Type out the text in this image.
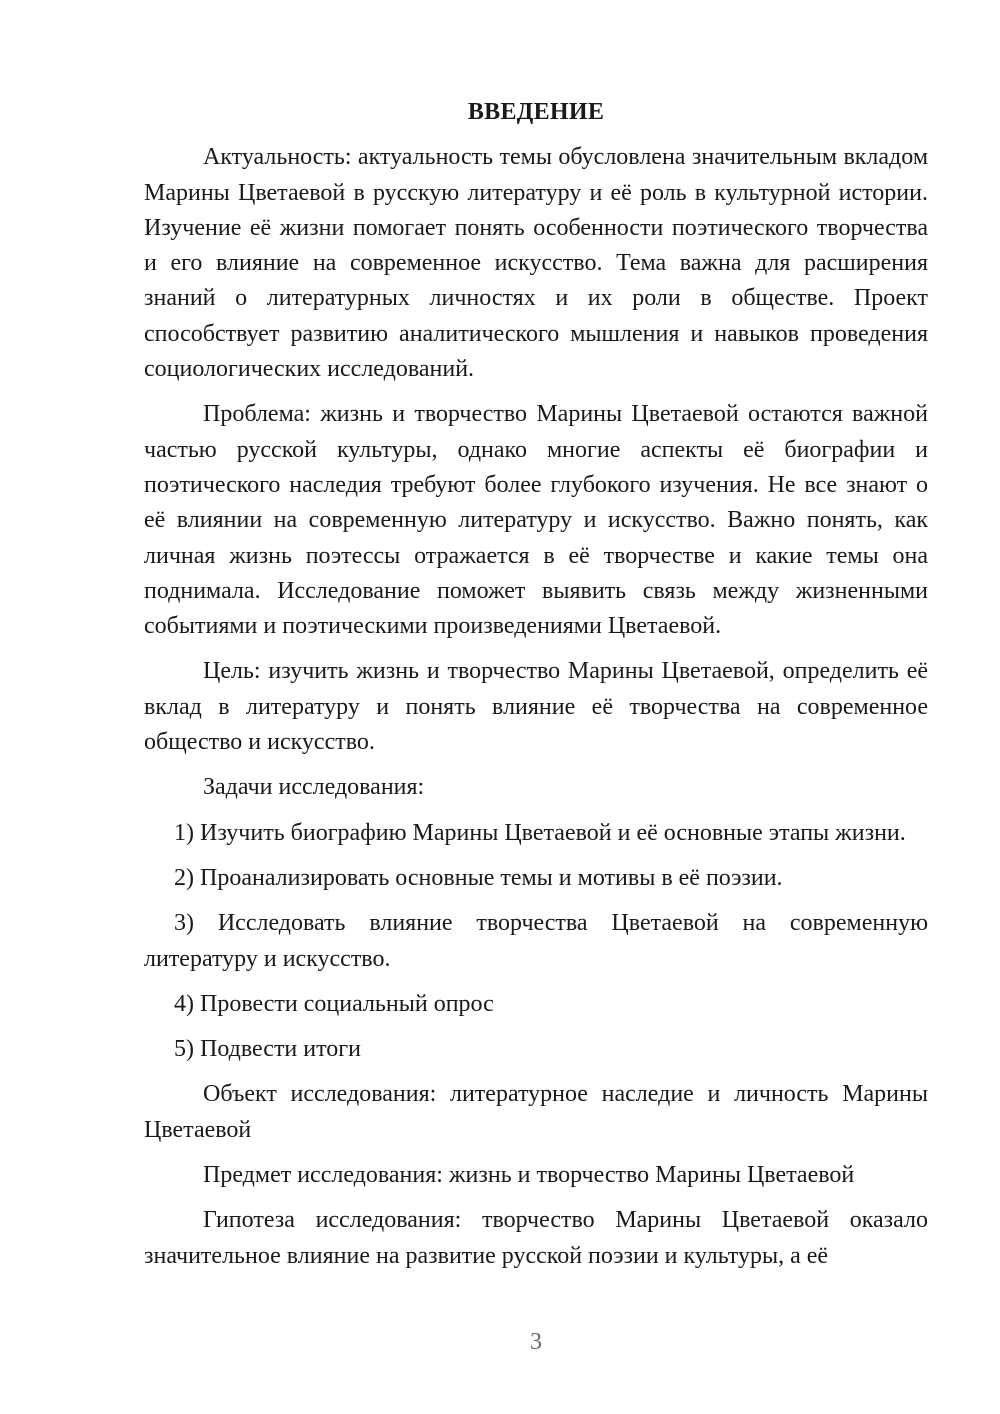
ВВЕДЕНИЕ

Актуальность: актуальность темы обусловлена значительным вкладом Марины Цветаевой в русскую литературу и её роль в культурной истории. Изучение её жизни помогает понять особенности поэтического творчества и его влияние на современное искусство. Тема важна для расширения знаний о литературных личностях и их роли в обществе. Проект способствует развитию аналитического мышления и навыков проведения социологических исследований.

Проблема: жизнь и творчество Марины Цветаевой остаются важной частью русской культуры, однако многие аспекты её биографии и поэтического наследия требуют более глубокого изучения. Не все знают о её влиянии на современную литературу и искусство. Важно понять, как личная жизнь поэтессы отражается в её творчестве и какие темы она поднимала. Исследование поможет выявить связь между жизненными событиями и поэтическими произведениями Цветаевой.

Цель: изучить жизнь и творчество Марины Цветаевой, определить её вклад в литературу и понять влияние её творчества на современное общество и искусство.

Задачи исследования:

1) Изучить биографию Марины Цветаевой и её основные этапы жизни.

2) Проанализировать основные темы и мотивы в её поэзии.

3) Исследовать влияние творчества Цветаевой на современную литературу и искусство.

4) Провести социальный опрос

5) Подвести итоги

Объект исследования: литературное наследие и личность Марины Цветаевой

Предмет исследования: жизнь и творчество Марины Цветаевой

Гипотеза исследования: творчество Марины Цветаевой оказало значительное влияние на развитие русской поэзии и культуры, а её

3
